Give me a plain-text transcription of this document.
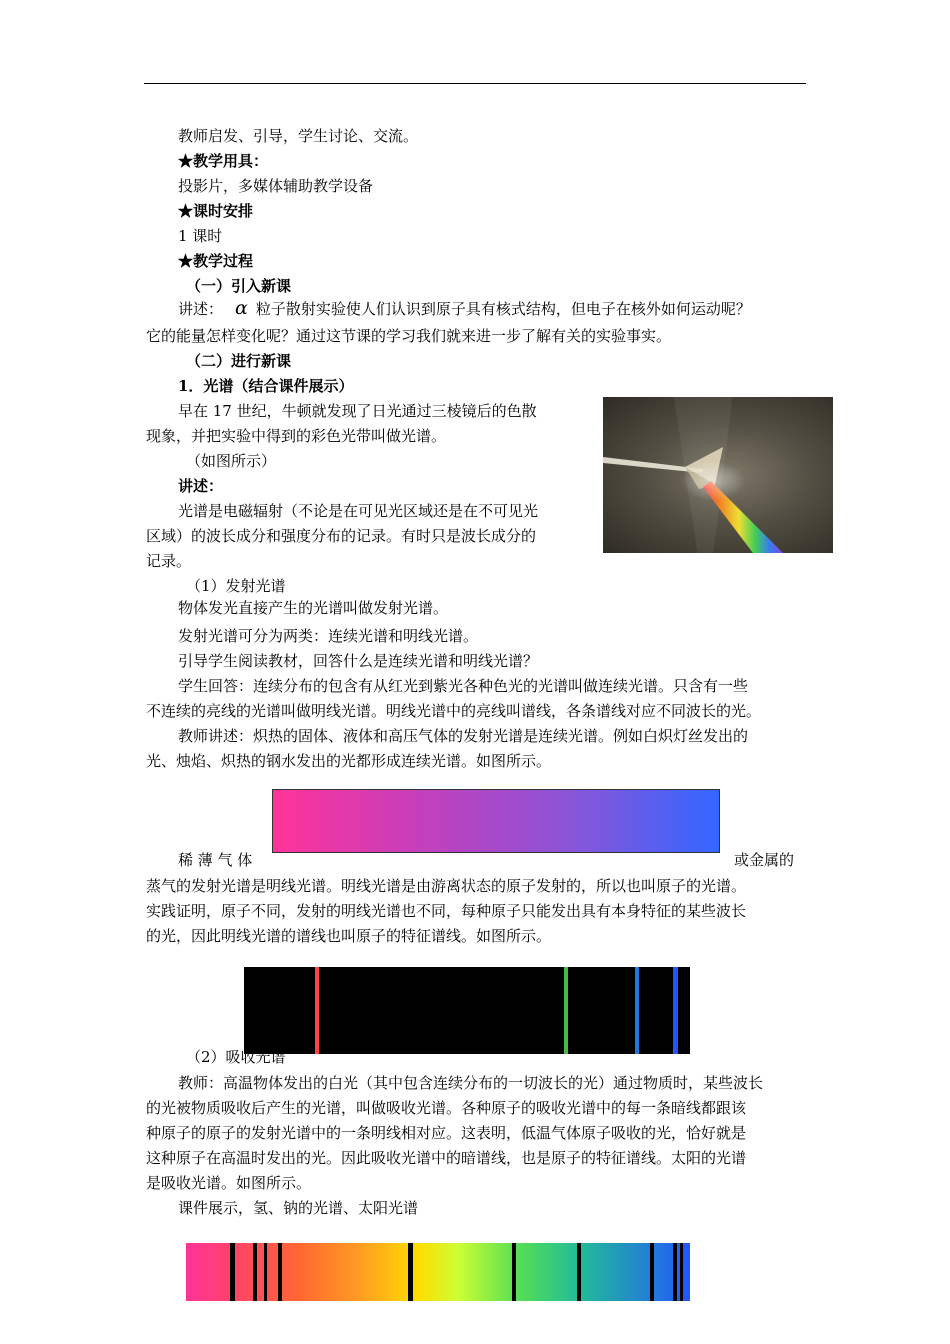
教师启发、引导，学生讨论、交流。
★教学用具：
投影片，多媒体辅助教学设备
★课时安排
1 课时
★教学过程
（一）引入新课
讲述： α 粒子散射实验使人们认识到原子具有核式结构，但电子在核外如何运动呢？
它的能量怎样变化呢？通过这节课的学习我们就来进一步了解有关的实验事实。
（二）进行新课
1．光谱（结合课件展示）
早在 17 世纪，牛顿就发现了日光通过三棱镜后的色散
现象，并把实验中得到的彩色光带叫做光谱。
（如图所示）
讲述：
光谱是电磁辐射（不论是在可见光区域还是在不可见光
区域）的波长成分和强度分布的记录。有时只是波长成分的
记录。
（1）发射光谱
物体发光直接产生的光谱叫做发射光谱。
发射光谱可分为两类：连续光谱和明线光谱。
引导学生阅读教材，回答什么是连续光谱和明线光谱？
学生回答：连续分布的包含有从红光到紫光各种色光的光谱叫做连续光谱。只含有一些
不连续的亮线的光谱叫做明线光谱。明线光谱中的亮线叫谱线，各条谱线对应不同波长的光。
教师讲述：炽热的固体、液体和高压气体的发射光谱是连续光谱。例如白炽灯丝发出的
光、烛焰、炽热的钢水发出的光都形成连续光谱。如图所示。
稀 薄 气 体	或金属的
蒸气的发射光谱是明线光谱。明线光谱是由游离状态的原子发射的，所以也叫原子的光谱。
实践证明，原子不同，发射的明线光谱也不同，每种原子只能发出具有本身特征的某些波长
的光，因此明线光谱的谱线也叫原子的特征谱线。如图所示。
（2）吸收光谱
教师：高温物体发出的白光（其中包含连续分布的一切波长的光）通过物质时，某些波长
的光被物质吸收后产生的光谱，叫做吸收光谱。各种原子的吸收光谱中的每一条暗线都跟该
种原子的原子的发射光谱中的一条明线相对应。这表明，低温气体原子吸收的光，恰好就是
这种原子在高温时发出的光。因此吸收光谱中的暗谱线，也是原子的特征谱线。太阳的光谱
是吸收光谱。如图所示。
课件展示，氢、钠的光谱、太阳光谱
